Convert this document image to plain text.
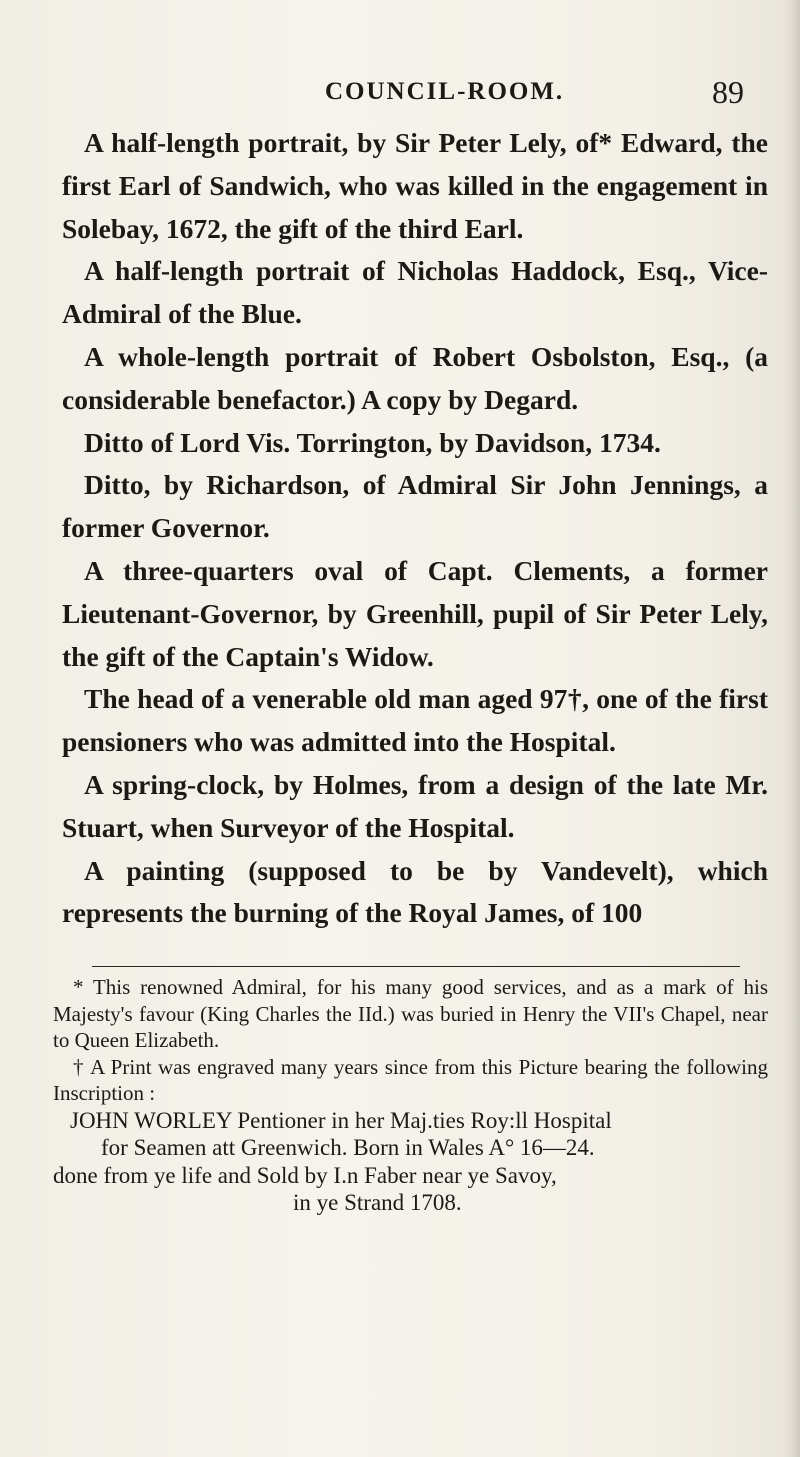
COUNCIL-ROOM.	89

A half-length portrait, by Sir Peter Lely, of* Edward, the first Earl of Sandwich, who was killed in the engagement in Solebay, 1672, the gift of the third Earl.

A half-length portrait of Nicholas Haddock, Esq., Vice-Admiral of the Blue.

A whole-length portrait of Robert Osbolston, Esq., (a considerable benefactor.) A copy by Degard.

Ditto of Lord Vis. Torrington, by Davidson, 1734.

Ditto, by Richardson, of Admiral Sir John Jennings, a former Governor.

A three-quarters oval of Capt. Clements, a former Lieutenant-Governor, by Greenhill, pupil of Sir Peter Lely, the gift of the Captain's Widow.

The head of a venerable old man aged 97†, one of the first pensioners who was admitted into the Hospital.

A spring-clock, by Holmes, from a design of the late Mr. Stuart, when Surveyor of the Hospital.

A painting (supposed to be by Vandevelt), which represents the burning of the Royal James, of 100

* This renowned Admiral, for his many good services, and as a mark of his Majesty's favour (King Charles the IId.) was buried in Henry the VII's Chapel, near to Queen Elizabeth.

† A Print was engraved many years since from this Picture bearing the following Inscription :

JOHN WORLEY Pentioner in her Maj.ties Roy:ll Hospital

for Seamen att Greenwich. Born in Wales A° 16—24.

done from ye life and Sold by I.n Faber near ye Savoy,

in ye Strand 1708.
